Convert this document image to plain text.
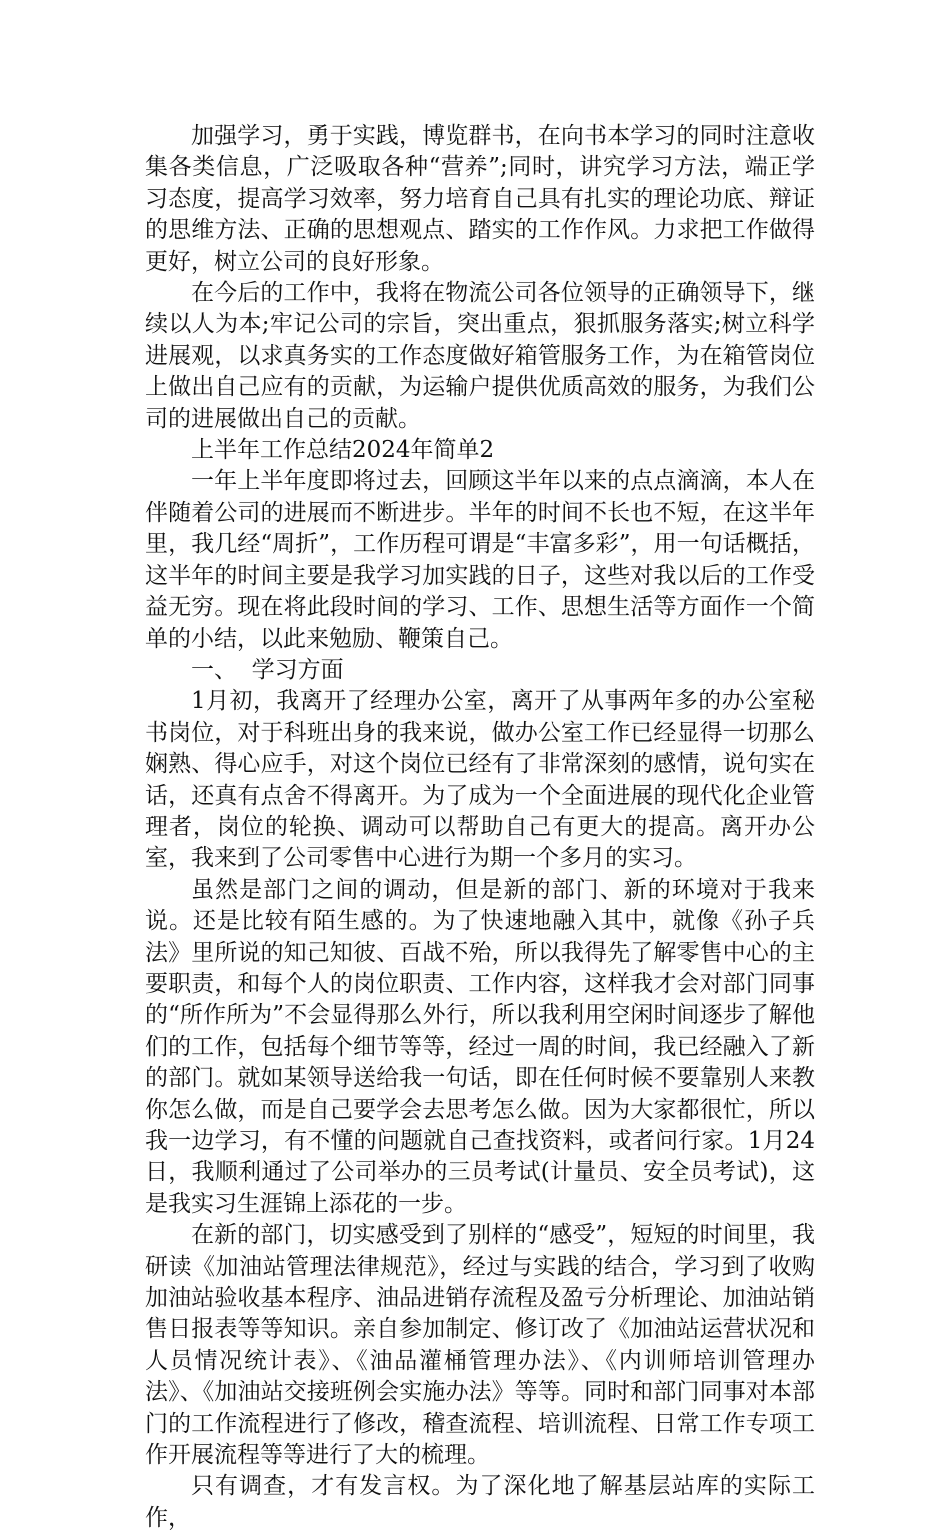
加强学习，勇于实践，博览群书，在向书本学习的同时注意收集各类信息，广泛吸取各种“营养”;同时，讲究学习方法，端正学习态度，提高学习效率，努力培育自己具有扎实的理论功底、辩证的思维方法、正确的思想观点、踏实的工作作风。力求把工作做得更好，树立公司的良好形象。

在今后的工作中，我将在物流公司各位领导的正确领导下，继续以人为本;牢记公司的宗旨，突出重点，狠抓服务落实;树立科学进展观，以求真务实的工作态度做好箱管服务工作，为在箱管岗位上做出自己应有的贡献，为运输户提供优质高效的服务，为我们公司的进展做出自己的贡献。

上半年工作总结2024年简单2

一年上半年度即将过去，回顾这半年以来的点点滴滴，本人在伴随着公司的进展而不断进步。半年的时间不长也不短，在这半年里，我几经“周折”，工作历程可谓是“丰富多彩”，用一句话概括，这半年的时间主要是我学习加实践的日子，这些对我以后的工作受益无穷。现在将此段时间的学习、工作、思想生活等方面作一个简单的小结，以此来勉励、鞭策自己。

一、  学习方面

1月初，我离开了经理办公室，离开了从事两年多的办公室秘书岗位，对于科班出身的我来说，做办公室工作已经显得一切那么娴熟、得心应手，对这个岗位已经有了非常深刻的感情，说句实在话，还真有点舍不得离开。为了成为一个全面进展的现代化企业管理者，岗位的轮换、调动可以帮助自己有更大的提高。离开办公室，我来到了公司零售中心进行为期一个多月的实习。

虽然是部门之间的调动，但是新的部门、新的环境对于我来说。还是比较有陌生感的。为了快速地融入其中，就像《孙子兵法》里所说的知己知彼、百战不殆，所以我得先了解零售中心的主要职责，和每个人的岗位职责、工作内容，这样我才会对部门同事的“所作所为”不会显得那么外行，所以我利用空闲时间逐步了解他们的工作，包括每个细节等等，经过一周的时间，我已经融入了新的部门。就如某领导送给我一句话，即在任何时候不要靠别人来教你怎么做，而是自己要学会去思考怎么做。因为大家都很忙，所以我一边学习，有不懂的问题就自己查找资料，或者问行家。1月24日，我顺利通过了公司举办的三员考试(计量员、安全员考试)，这是我实习生涯锦上添花的一步。

在新的部门，切实感受到了别样的“感受”，短短的时间里，我研读《加油站管理法律规范》，经过与实践的结合，学习到了收购加油站验收基本程序、油品进销存流程及盈亏分析理论、加油站销售日报表等等知识。亲自参加制定、修订改了《加油站运营状况和人员情况统计表》、《油品灌桶管理办法》、《内训师培训管理办法》、《加油站交接班例会实施办法》等等。同时和部门同事对本部门的工作流程进行了修改，稽查流程、培训流程、日常工作专项工作开展流程等等进行了大的梳理。

只有调查，才有发言权。为了深化地了解基层站库的实际工作，
